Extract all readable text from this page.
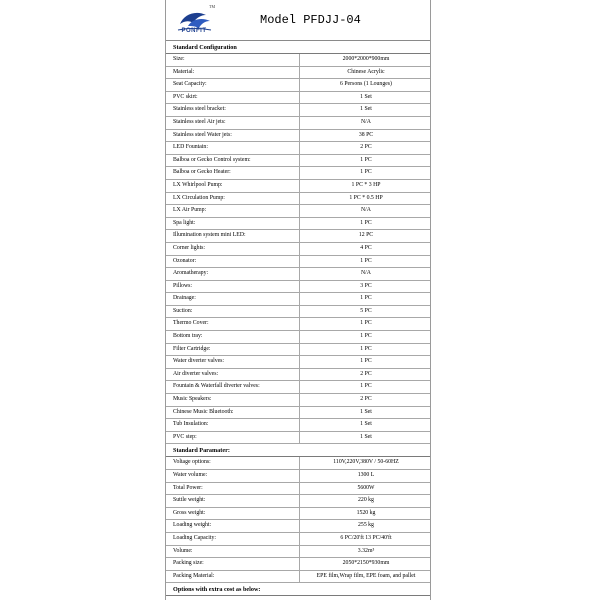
TM
PONFIT
Model PFDJJ-04
Standard Configuration
Size:	2000*2000*900mm
Material:	Chinese Acrylic
Seat Capacity:	6 Persons (1 Lounges)
PVC skirt:	1 Set
Stainless steel bracket:	1 Set
Stainless steel Air jets:	N/A
Stainless steel Water jets:	38 PC
LED Fountain:	2 PC
Balboa or Gecko Control system:	1 PC
Balboa or Gecko Heater:	1 PC
LX Whirlpool Pump:	1 PC * 3 HP
LX Circulation Pump:	1 PC * 0.5 HP
LX Air Pump:	N/A
Spa light:	1 PC
Illumination system mini LED:	12 PC
Corner lights:	4 PC
Ozonator:	1 PC
Aromatherapy:	N/A
Pillows:	3 PC
Drainage:	1 PC
Suction:	5 PC
Thermo Cover:	1 PC
Bottom tray:	1 PC
Filter Cartridge:	1 PC
Water diverter valves:	1 PC
Air diverter valves:	2 PC
Fountain & Waterfall diverter valves:	1 PC
Music Speakers:	2 PC
Chinese Music Bluetooth:	1 Set
Tub Insulation:	1 Set
PVC step:	1 Set
Standard Paramater:
Voltage options:	110V,220V,380V / 50-60HZ
Water volume:	1300 L
Total Power:	5600W
Suttle weight:	220 kg
Gross weight:	1520 kg
Loading weight:	255 kg
Loading Capacity:	6 PC/20'ft 13 PC/40'ft
Volume:	3.32m³
Packing size:	2050*2150*930mm
Packing Material:	EPE film,Wrap film, EPE foam, and pallet
Options with extra cost as below:
